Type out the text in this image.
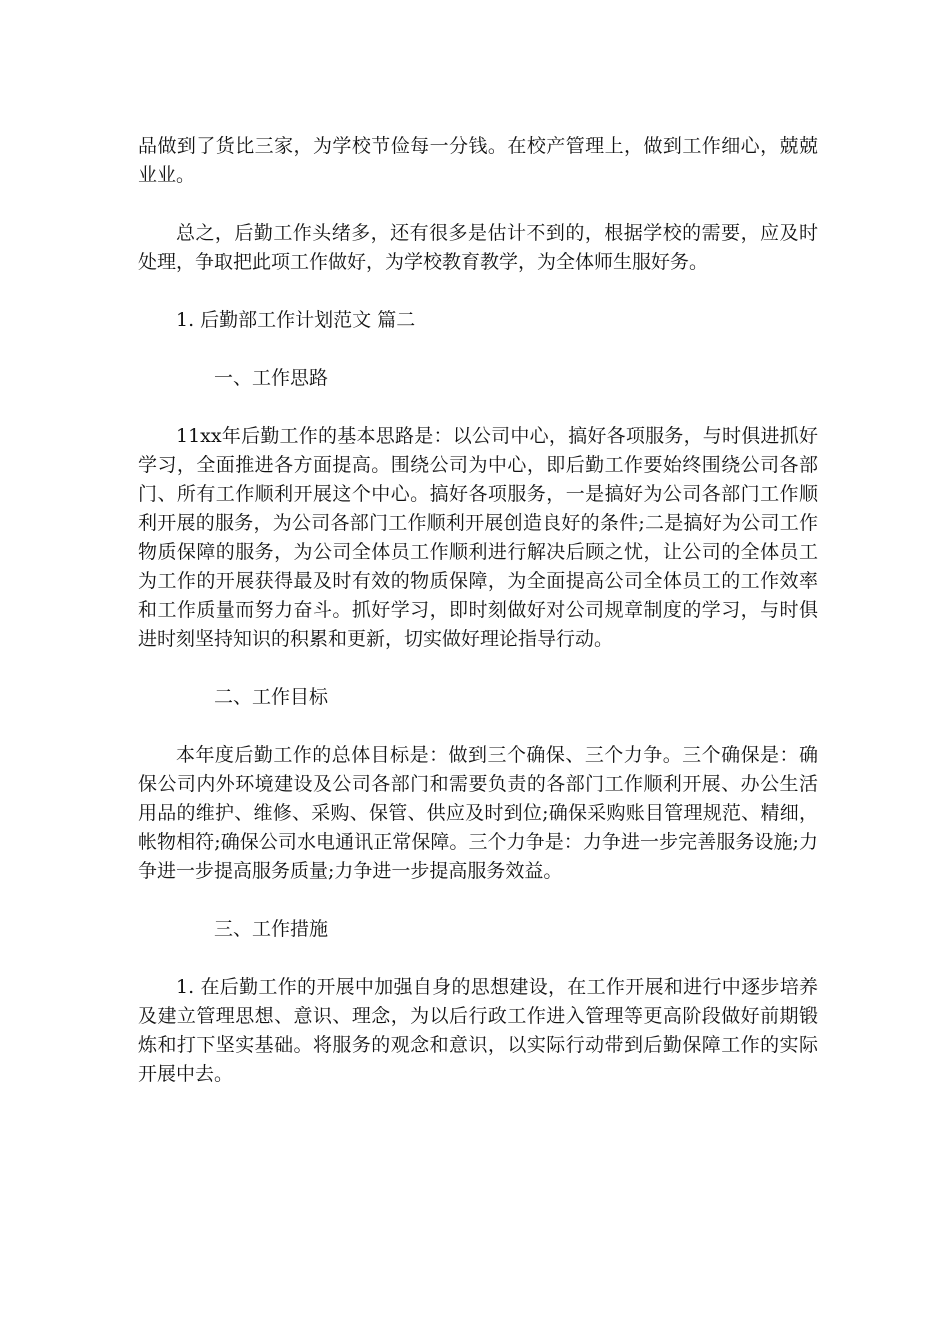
品做到了货比三家，为学校节俭每一分钱。在校产管理上，做到工作细心，兢兢业业。

总之，后勤工作头绪多，还有很多是估计不到的，根据学校的需要，应及时处理，争取把此项工作做好，为学校教育教学，为全体师生服好务。

1. 后勤部工作计划范文 篇二

一、工作思路

11xx年后勤工作的基本思路是：以公司中心，搞好各项服务，与时俱进抓好学习，全面推进各方面提高。围绕公司为中心，即后勤工作要始终围绕公司各部门、所有工作顺利开展这个中心。搞好各项服务，一是搞好为公司各部门工作顺利开展的服务，为公司各部门工作顺利开展创造良好的条件;二是搞好为公司工作物质保障的服务，为公司全体员工作顺利进行解决后顾之忧，让公司的全体员工为工作的开展获得最及时有效的物质保障，为全面提高公司全体员工的工作效率和工作质量而努力奋斗。抓好学习，即时刻做好对公司规章制度的学习，与时俱进时刻坚持知识的积累和更新，切实做好理论指导行动。

二、工作目标

本年度后勤工作的总体目标是：做到三个确保、三个力争。三个确保是：确保公司内外环境建设及公司各部门和需要负责的各部门工作顺利开展、办公生活用品的维护、维修、采购、保管、供应及时到位;确保采购账目管理规范、精细，帐物相符;确保公司水电通讯正常保障。三个力争是：力争进一步完善服务设施;力争进一步提高服务质量;力争进一步提高服务效益。

三、工作措施

1. 在后勤工作的开展中加强自身的思想建设，在工作开展和进行中逐步培养及建立管理思想、意识、理念，为以后行政工作进入管理等更高阶段做好前期锻炼和打下坚实基础。将服务的观念和意识，以实际行动带到后勤保障工作的实际开展中去。
